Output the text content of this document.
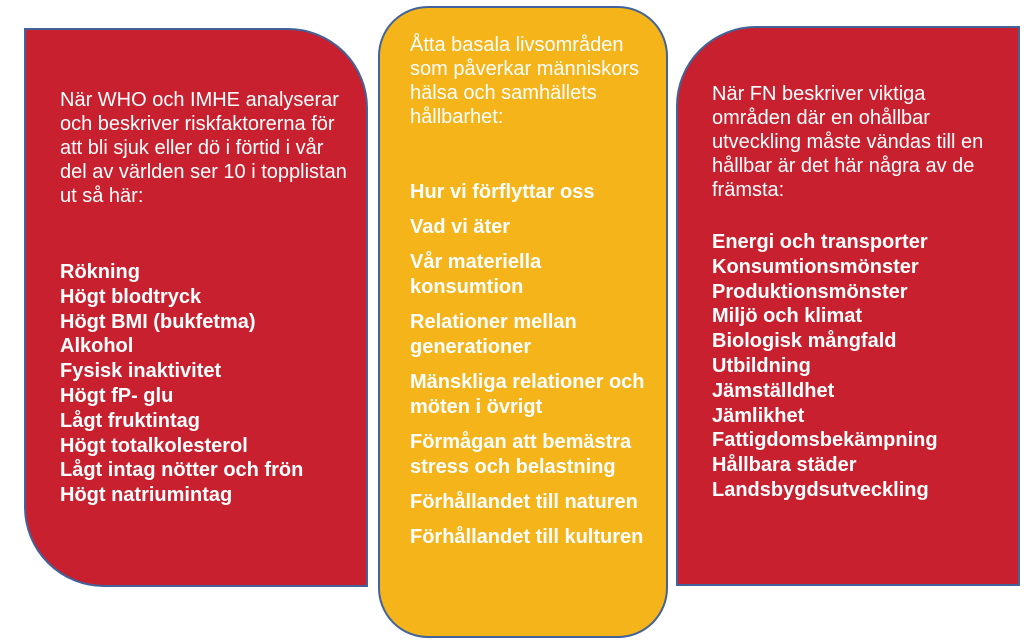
När WHO och IMHE analyserar och beskriver riskfaktorerna för att bli sjuk eller dö i förtid i vår del av världen ser 10 i topplistan ut så här:

Rökning
Högt blodtryck
Högt BMI (bukfetma)
Alkohol
Fysisk inaktivitet
Högt fP- glu
Lågt fruktintag
Högt totalkolesterol
Lågt intag nötter och frön
Högt natriumintag

Åtta basala livsområden som påverkar människors hälsa och samhällets hållbarhet:

Hur vi förflyttar oss
Vad vi äter
Vår materiella konsumtion
Relationer mellan generationer
Mänskliga relationer och möten i övrigt
Förmågan att bemästra stress och belastning
Förhållandet till naturen
Förhållandet till kulturen

När FN beskriver viktiga områden där en ohållbar utveckling måste vändas till en hållbar är det här några av de främsta:

Energi och transporter
Konsumtionsmönster
Produktionsmönster
Miljö och klimat
Biologisk mångfald
Utbildning
Jämställdhet
Jämlikhet
Fattigdomsbekämpning
Hållbara städer
Landsbygdsutveckling
